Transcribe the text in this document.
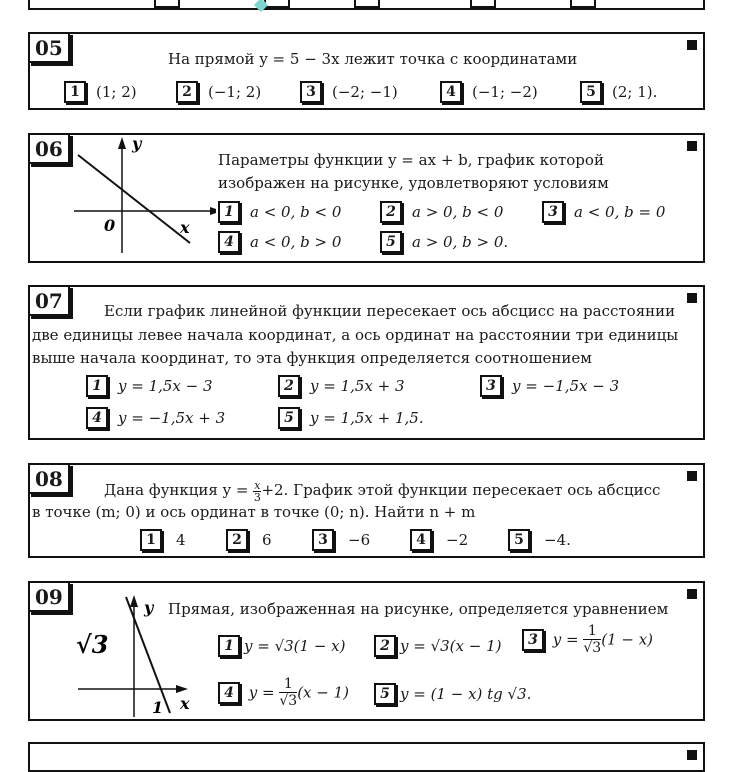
05	На прямой y = 5 − 3x лежит точка с координатами
1 (1; 2)	2 (−1; 2)	3 (−2; −1)	4 (−1; −2)	5 (2; 1).
06	y
x
0
Параметры функции y = ax + b, график которой
изображен на рисунке, удовлетворяют условиям
1 a < 0, b < 0	2 a > 0, b < 0	3 a < 0, b = 0
4 a < 0, b > 0	5 a > 0, b > 0.
07	Если график линейной функции пересекает ось абсцисс на расстоянии
две единицы левее начала координат, а ось ординат на расстоянии три единицы
выше начала координат, то эта функция определяется соотношением
1 y = 1,5x − 3	2 y = 1,5x + 3	3 y = −1,5x − 3
4 y = −1,5x + 3	5 y = 1,5x + 1,5.
08	Дана функция $y = \frac{x}{3} +2$. График этой функции пересекает ось абсцисс
в точке (m; 0) и ось ординат в точке (0; n). Найти n + m
1 4	2 6	3 −6	4 −2	5 −4.
09	y
x
√3
1
Прямая, изображенная на рисунке, определяется уравнением
1 y = √3(1 − x)	2 y = √3(x − 1)	3 $y = \frac{1}{√3} (1 - x)$
4 $y = \frac{1}{√3} (x - 1)$	5 y = (1 − x) tg √3.
